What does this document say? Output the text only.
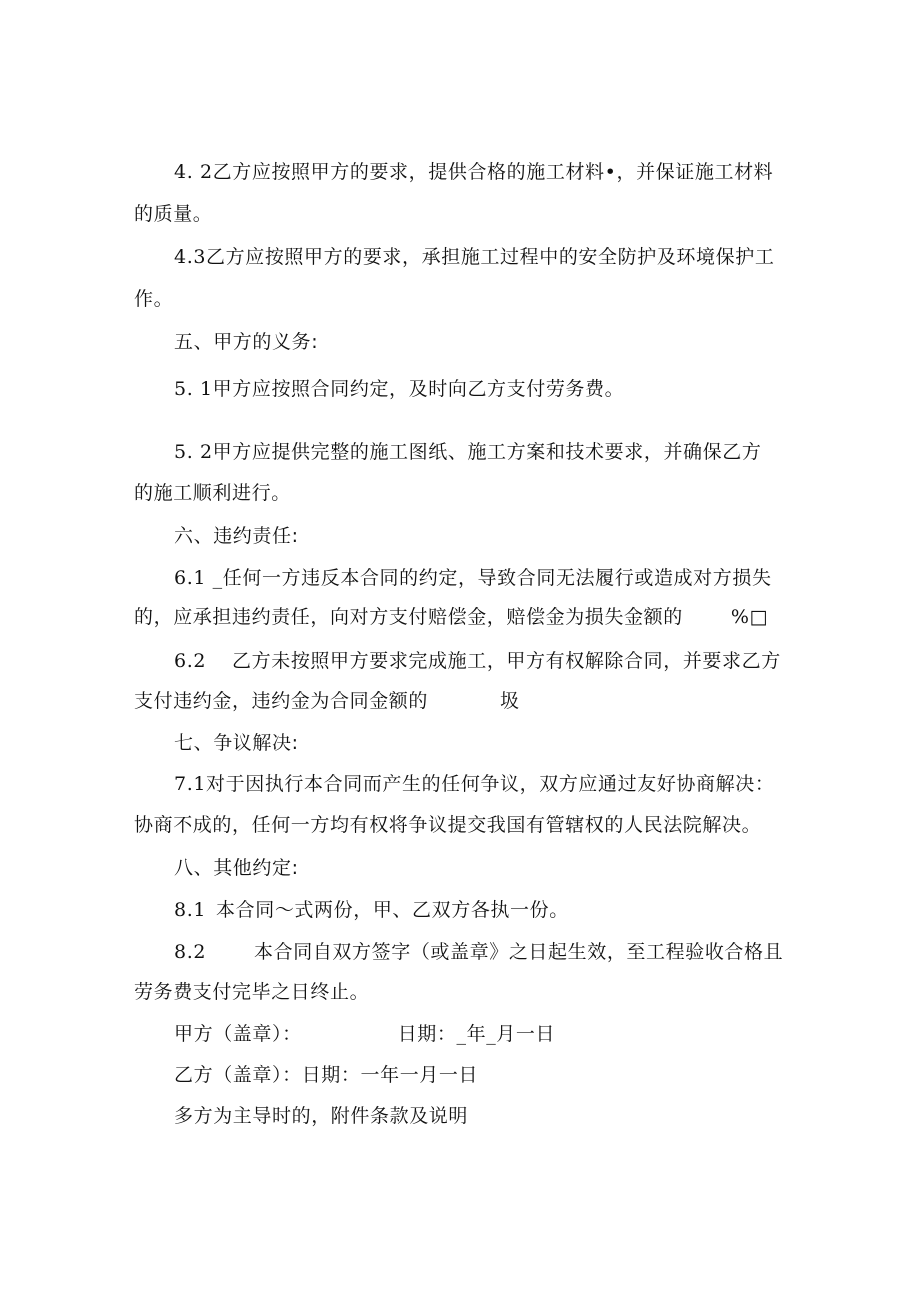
4. 2乙方应按照甲方的要求，提供合格的施工材料•，并保证施工材料
的质量。
4.3乙方应按照甲方的要求，承担施工过程中的安全防护及环境保护工
作。
五、甲方的义务:
5. 1甲方应按照合同约定，及时向乙方支付劳务费。
5. 2甲方应提供完整的施工图纸、施工方案和技术要求，并确保乙方
的施工顺利进行。
六、违约责任:
6.1 _任何一方违反本合同的约定，导致合同无法履行或造成对方损失
的，应承担违约责任，向对方支付赔偿金，赔偿金为损失金额的	%□
6.2 乙方未按照甲方要求完成施工，甲方有权解除合同，并要求乙方
支付违约金，违约金为合同金额的	圾
七、争议解决:
7.1对于因执行本合同而产生的任何争议，双方应通过友好协商解决：
协商不成的，任何一方均有权将争议提交我国有管辖权的人民法院解决。
八、其他约定:
8.1 本合同〜式两份，甲、乙双方各执一份。
8.2	本合同自双方签字（或盖章》之日起生效，至工程验收合格且
劳务费支付完毕之日终止。
甲方（盖章）：	日期：_年_月一日
乙方（盖章）：日期：一年一月一日
多方为主导时的，附件条款及说明
